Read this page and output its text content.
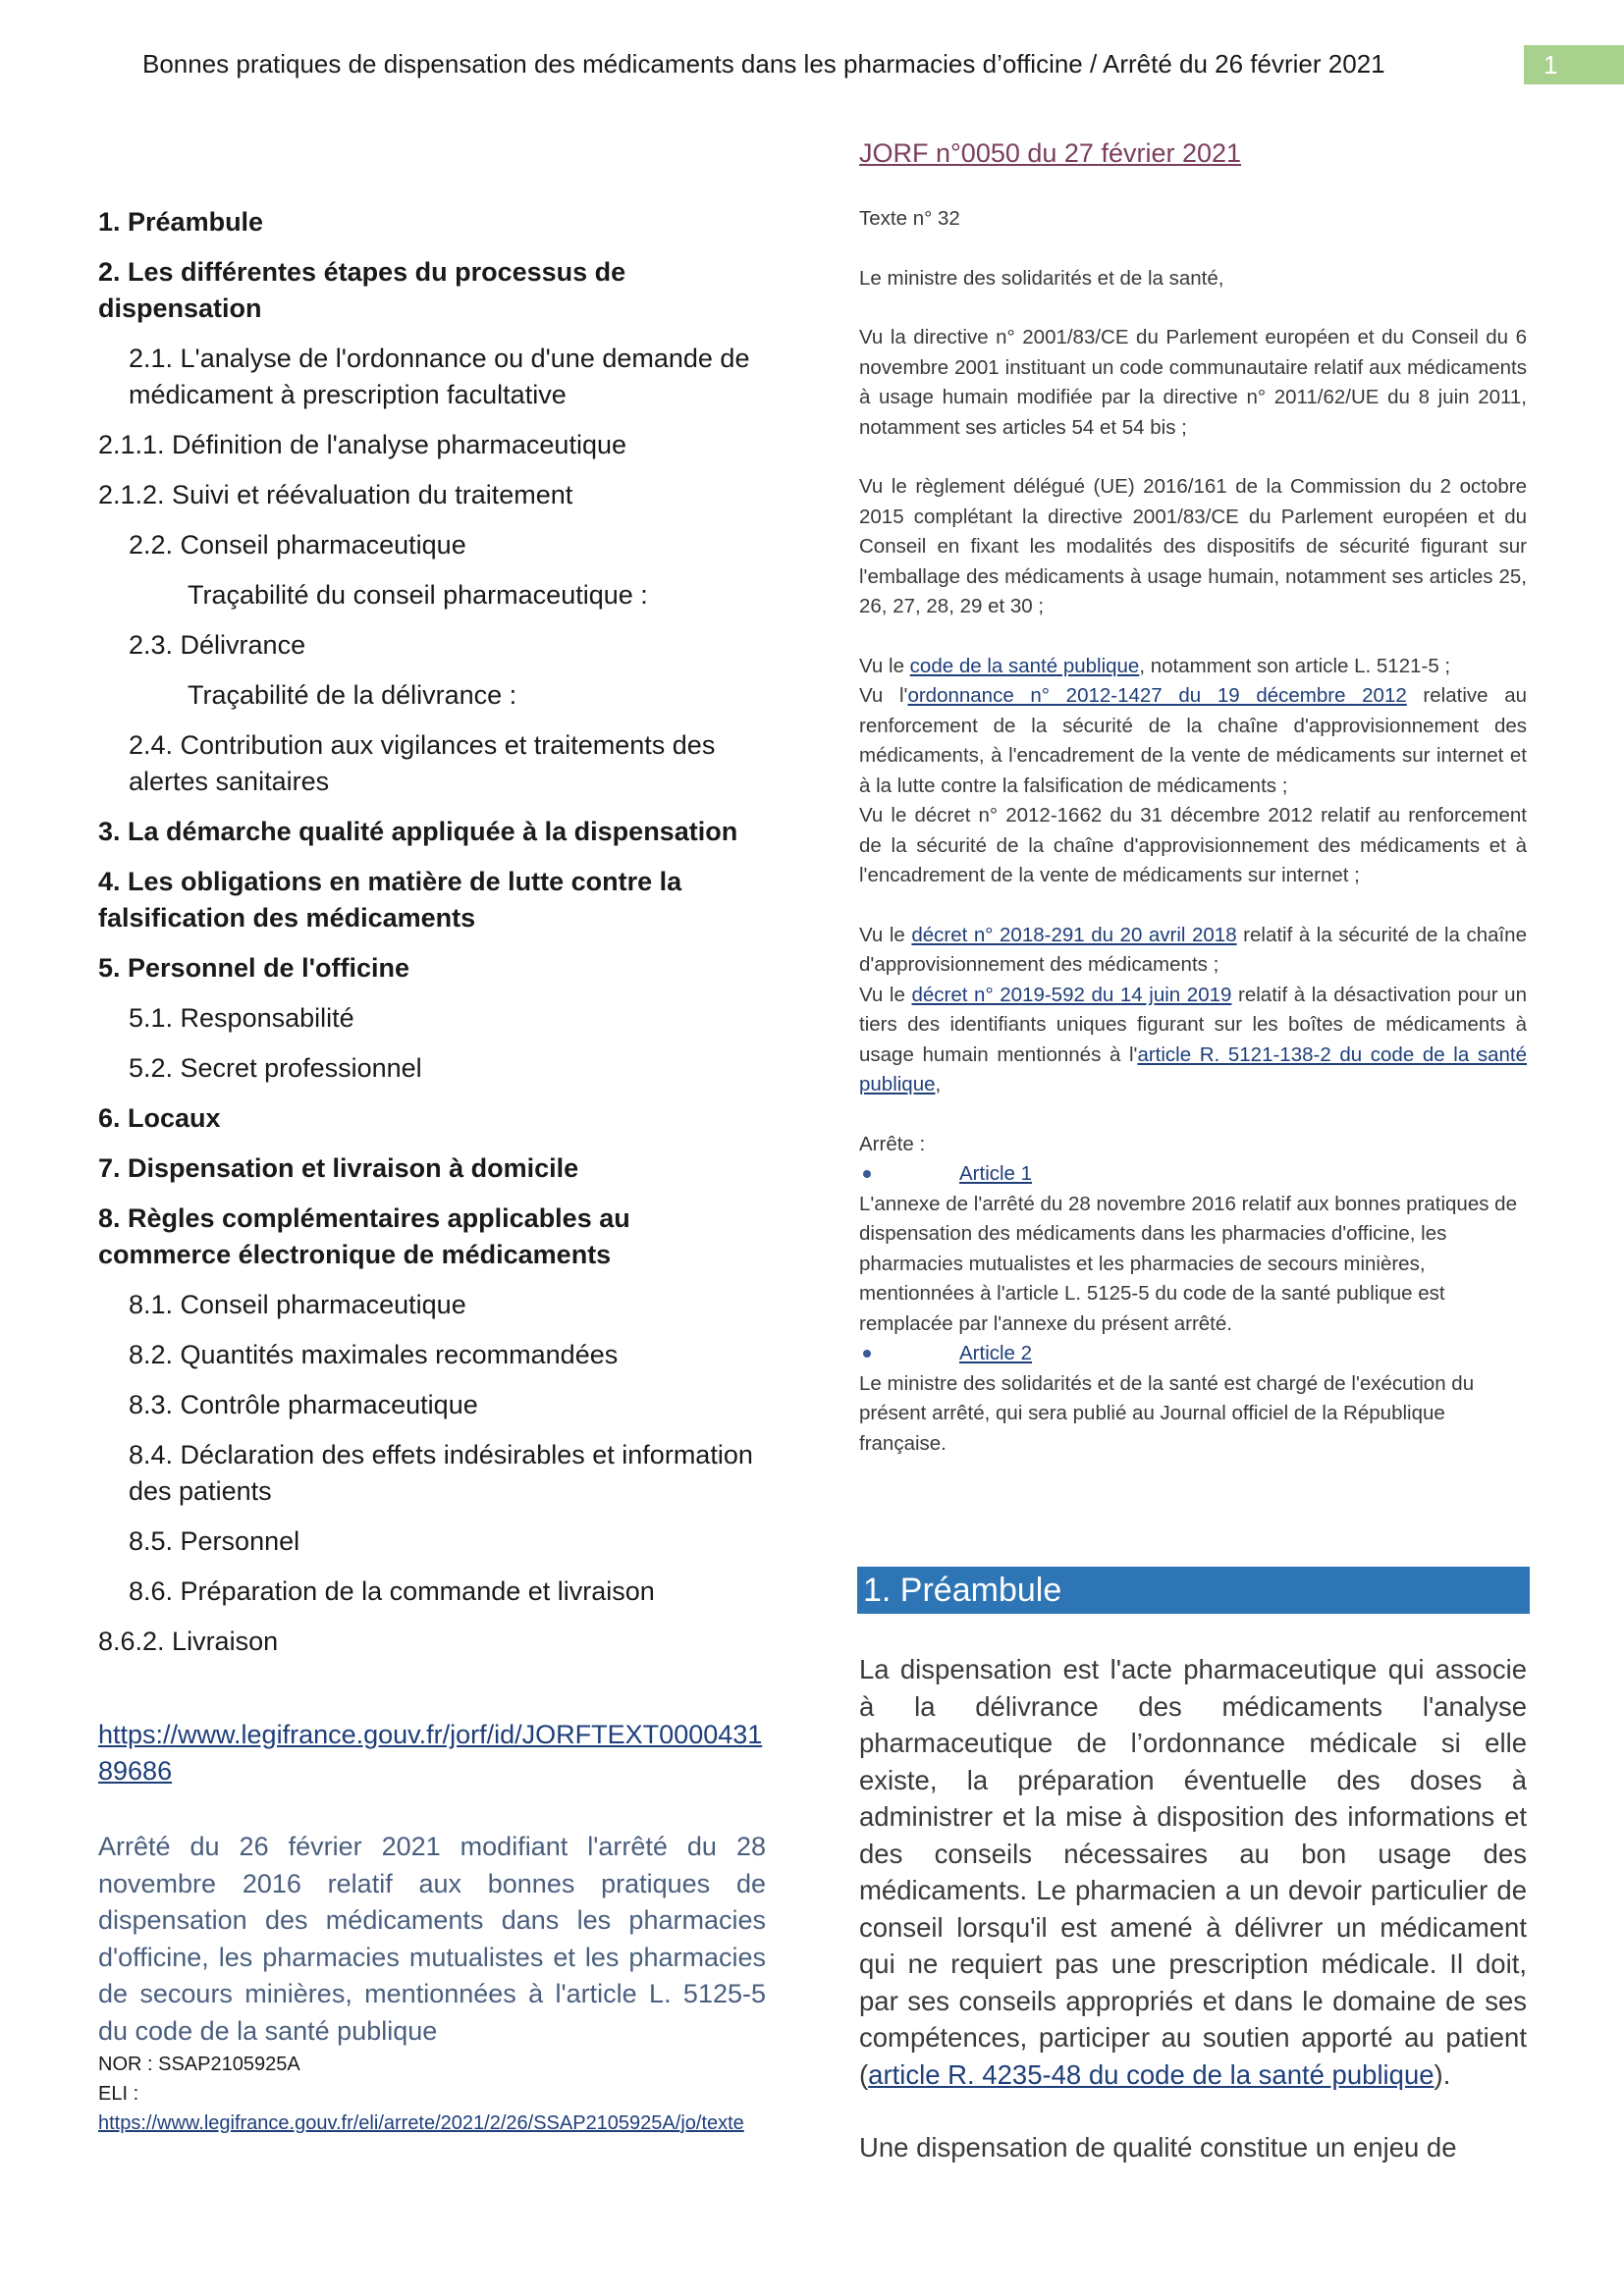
Bonnes pratiques de dispensation des médicaments dans les pharmacies d’officine / Arrêté du 26 février 2021	1
1. Préambule
2. Les différentes étapes du processus de dispensation
2.1. L'analyse de l'ordonnance ou d'une demande de médicament à prescription facultative
2.1.1. Définition de l'analyse pharmaceutique
2.1.2. Suivi et réévaluation du traitement
2.2. Conseil pharmaceutique
Traçabilité du conseil pharmaceutique :
2.3. Délivrance
Traçabilité de la délivrance :
2.4. Contribution aux vigilances et traitements des alertes sanitaires
3. La démarche qualité appliquée à la dispensation
4. Les obligations en matière de lutte contre la falsification des médicaments
5. Personnel de l'officine
5.1. Responsabilité
5.2. Secret professionnel
6. Locaux
7. Dispensation et livraison à domicile
8. Règles complémentaires applicables au commerce électronique de médicaments
8.1. Conseil pharmaceutique
8.2. Quantités maximales recommandées
8.3. Contrôle pharmaceutique
8.4. Déclaration des effets indésirables et information des patients
8.5. Personnel
8.6. Préparation de la commande et livraison
8.6.2. Livraison
https://www.legifrance.gouv.fr/jorf/id/JORFTEXT000043189686
Arrêté du 26 février 2021 modifiant l'arrêté du 28 novembre 2016 relatif aux bonnes pratiques de dispensation des médicaments dans les pharmacies d'officine, les pharmacies mutualistes et les pharmacies de secours minières, mentionnées à l'article L. 5125-5 du code de la santé publique
NOR : SSAP2105925A
ELI :
https://www.legifrance.gouv.fr/eli/arrete/2021/2/26/SSAP2105925A/jo/texte
JORF n°0050 du 27 février 2021

Texte n° 32

Le ministre des solidarités et de la santé,

Vu la directive n° 2001/83/CE du Parlement européen et du Conseil du 6 novembre 2001 instituant un code communautaire relatif aux médicaments à usage humain modifiée par la directive n° 2011/62/UE du 8 juin 2011, notamment ses articles 54 et 54 bis ;

Vu le règlement délégué (UE) 2016/161 de la Commission du 2 octobre 2015 complétant la directive 2001/83/CE du Parlement européen et du Conseil en fixant les modalités des dispositifs de sécurité figurant sur l'emballage des médicaments à usage humain, notamment ses articles 25, 26, 27, 28, 29 et 30 ;

Vu le code de la santé publique, notamment son article L. 5121-5 ;

Vu l'ordonnance n° 2012-1427 du 19 décembre 2012 relative au renforcement de la sécurité de la chaîne d'approvisionnement des médicaments, à l'encadrement de la vente de médicaments sur internet et à la lutte contre la falsification de médicaments ;

Vu le décret n° 2012-1662 du 31 décembre 2012 relatif au renforcement de la sécurité de la chaîne d'approvisionnement des médicaments et à l'encadrement de la vente de médicaments sur internet ;

Vu le décret n° 2018-291 du 20 avril 2018 relatif à la sécurité de la chaîne d'approvisionnement des médicaments ;

Vu le décret n° 2019-592 du 14 juin 2019 relatif à la désactivation pour un tiers des identifiants uniques figurant sur les boîtes de médicaments à usage humain mentionnés à l'article R. 5121-138-2 du code de la santé publique,

Arrête :
Article 1
L'annexe de l'arrêté du 28 novembre 2016 relatif aux bonnes pratiques de dispensation des médicaments dans les pharmacies d'officine, les pharmacies mutualistes et les pharmacies de secours minières, mentionnées à l'article L. 5125-5 du code de la santé publique est remplacée par l'annexe du présent arrêté.
Article 2
Le ministre des solidarités et de la santé est chargé de l'exécution du présent arrêté, qui sera publié au Journal officiel de la République française.
1. Préambule

La dispensation est l'acte pharmaceutique qui associe à la délivrance des médicaments l'analyse pharmaceutique de l’ordonnance médicale si elle existe, la préparation éventuelle des doses à administrer et la mise à disposition des informations et des conseils nécessaires au bon usage des médicaments. Le pharmacien a un devoir particulier de conseil lorsqu'il est amené à délivrer un médicament qui ne requiert pas une prescription médicale. Il doit, par ses conseils appropriés et dans le domaine de ses compétences, participer au soutien apporté au patient (article R. 4235-48 du code de la santé publique).

Une dispensation de qualité constitue un enjeu de
